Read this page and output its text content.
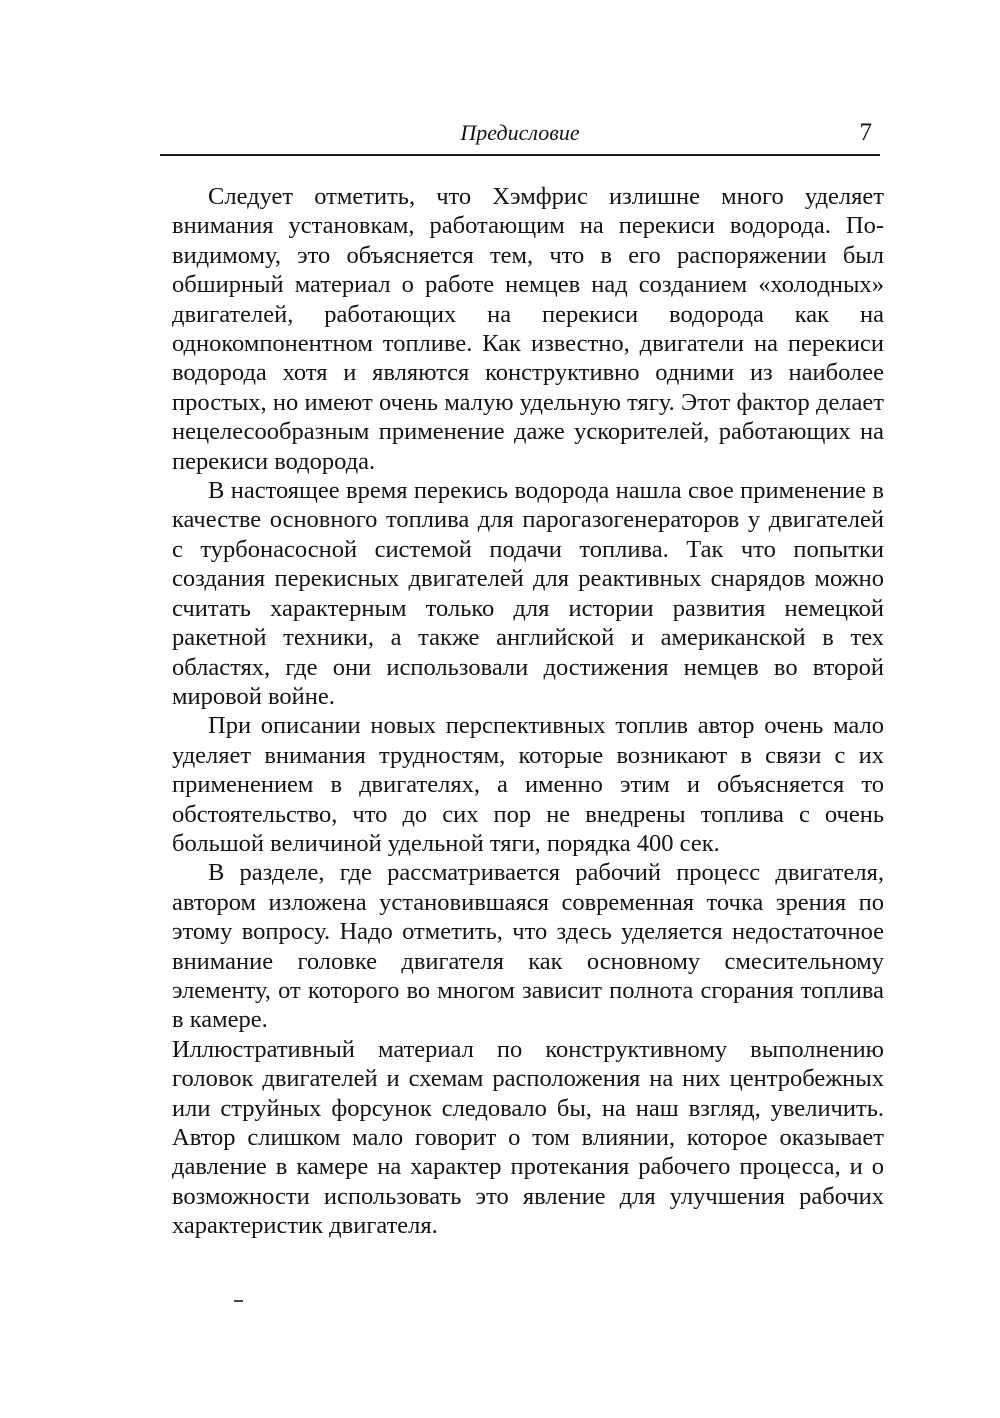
Предисловие	7

Следует отметить, что Хэмфрис излишне много уделяет внимания установкам, работающим на перекиси водорода. По-видимому, это объясняется тем, что в его распоряжении был обширный материал о работе немцев над созданием «холодных» двигателей, работающих на перекиси водорода как на однокомпонентном топливе. Как известно, двигатели на перекиси водорода хотя и являются конструктивно одними из наиболее простых, но имеют очень малую удельную тягу. Этот фактор делает нецелесообразным применение даже ускорителей, работающих на перекиси водорода.

В настоящее время перекись водорода нашла свое применение в качестве основного топлива для парогазогенераторов у двигателей с турбонасосной системой подачи топлива. Так что попытки создания перекисных двигателей для реактивных снарядов можно считать характерным только для истории развития немецкой ракетной техники, а также английской и американской в тех областях, где они использовали достижения немцев во второй мировой войне.

При описании новых перспективных топлив автор очень мало уделяет внимания трудностям, которые возникают в связи с их применением в двигателях, а именно этим и объясняется то обстоятельство, что до сих пор не внедрены топлива с очень большой величиной удельной тяги, порядка 400 сек.

В разделе, где рассматривается рабочий процесс двигателя, автором изложена установившаяся современная точка зрения по этому вопросу. Надо отметить, что здесь уделяется недостаточное внимание головке двигателя как основному смесительному элементу, от которого во многом зависит полнота сгорания топлива в камере.

Иллюстративный материал по конструктивному выполнению головок двигателей и схемам расположения на них центробежных или струйных форсунок следовало бы, на наш взгляд, увеличить. Автор слишком мало говорит о том влиянии, которое оказывает давление в камере на характер протекания рабочего процесса, и о возможности использовать это явление для улучшения рабочих характеристик двигателя.
